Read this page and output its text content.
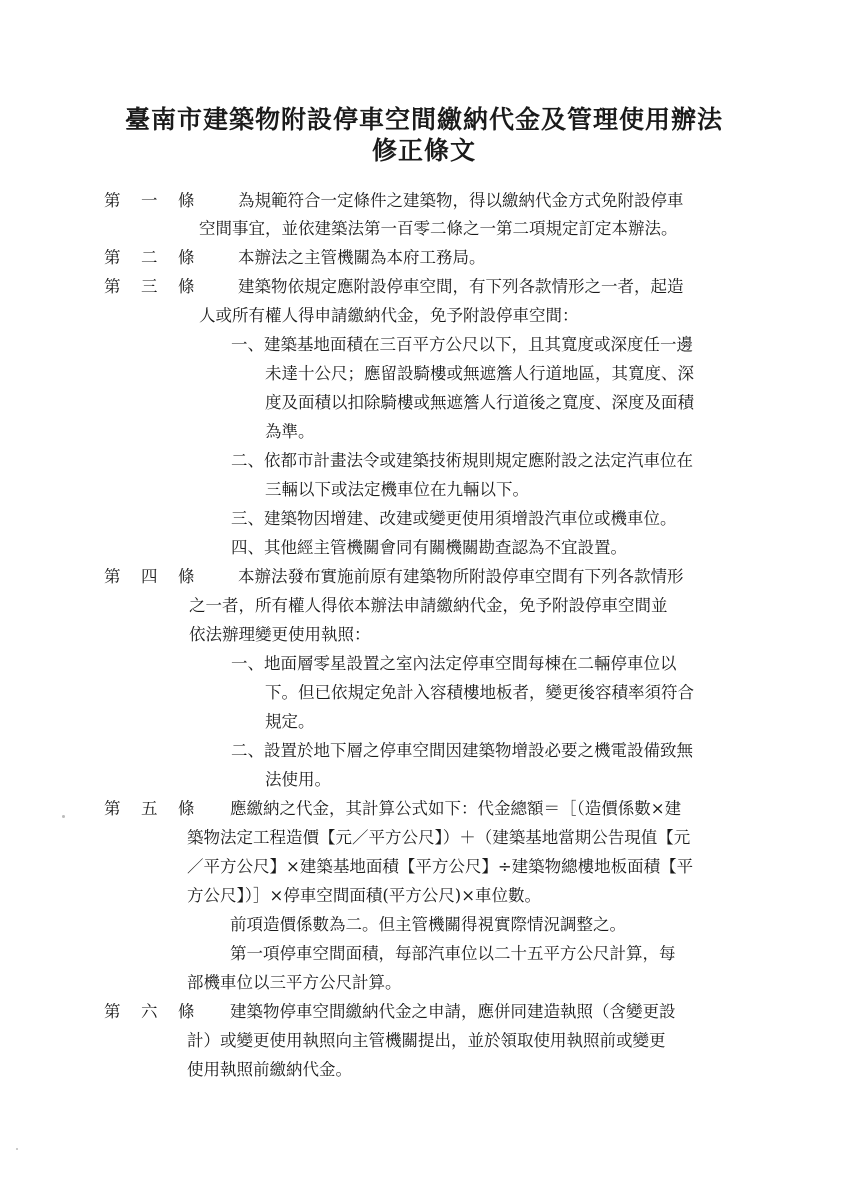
臺南市建築物附設停車空間繳納代金及管理使用辦法
修正條文

第　一　條	為規範符合一定條件之建築物，得以繳納代金方式免附設停車

空間事宜，並依建築法第一百零二條之一第二項規定訂定本辦法。

第　二　條	本辦法之主管機關為本府工務局。

第　三　條	建築物依規定應附設停車空間，有下列各款情形之一者，起造

人或所有權人得申請繳納代金，免予附設停車空間：

一、建築基地面積在三百平方公尺以下，且其寬度或深度任一邊

未達十公尺；應留設騎樓或無遮簷人行道地區，其寬度、深

度及面積以扣除騎樓或無遮簷人行道後之寬度、深度及面積

為準。

二、依都市計畫法令或建築技術規則規定應附設之法定汽車位在

三輛以下或法定機車位在九輛以下。

三、建築物因增建、改建或變更使用須增設汽車位或機車位。

四、其他經主管機關會同有關機關勘查認為不宜設置。

第　四　條	本辦法發布實施前原有建築物所附設停車空間有下列各款情形

之一者，所有權人得依本辦法申請繳納代金，免予附設停車空間並

依法辦理變更使用執照：

一、地面層零星設置之室內法定停車空間每棟在二輛停車位以

下。但已依規定免計入容積樓地板者，變更後容積率須符合

規定。

二、設置於地下層之停車空間因建築物增設必要之機電設備致無

法使用。

第　五　條 應繳納之代金，其計算公式如下：代金總額＝［（造價係數×建

築物法定工程造價【元／平方公尺】）＋（建築基地當期公告現值【元

／平方公尺】×建築基地面積【平方公尺】÷建築物總樓地板面積【平

方公尺】）］×停車空間面積(平方公尺)×車位數。

前項造價係數為二。但主管機關得視實際情況調整之。

第一項停車空間面積，每部汽車位以二十五平方公尺計算，每

部機車位以三平方公尺計算。

第　六　條 建築物停車空間繳納代金之申請，應併同建造執照（含變更設

計）或變更使用執照向主管機關提出，並於領取使用執照前或變更

使用執照前繳納代金。
